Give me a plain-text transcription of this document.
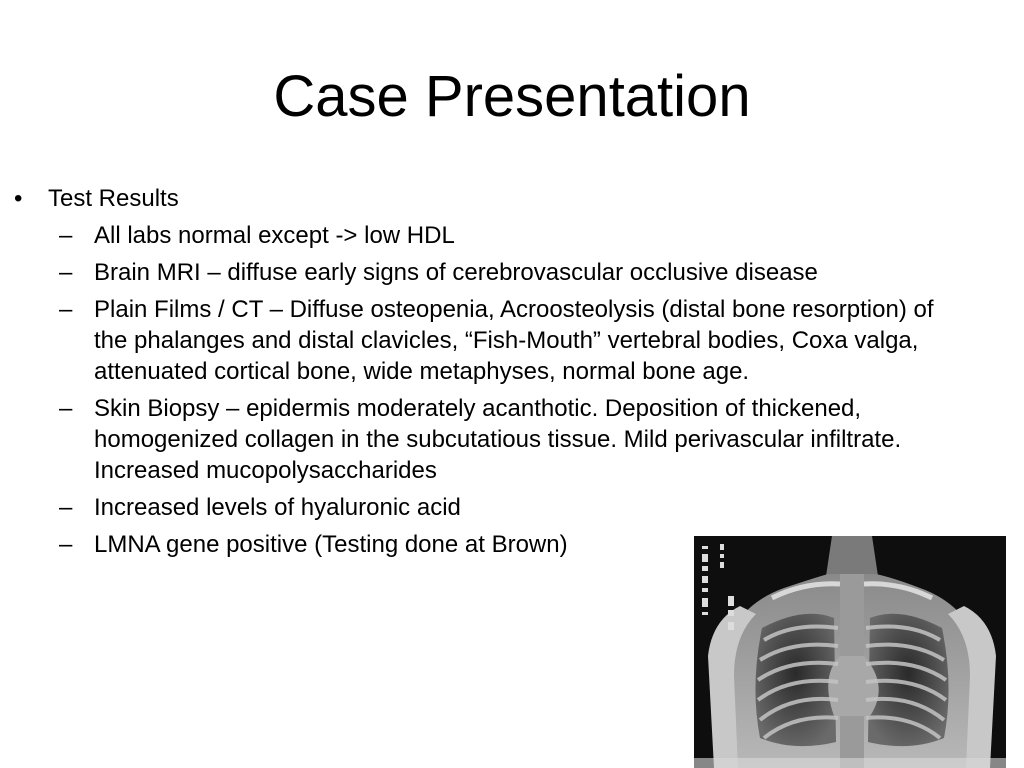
Case Presentation
• Test Results
– All labs normal except -> low HDL
– Brain MRI – diffuse early signs of cerebrovascular occlusive disease
– Plain Films / CT – Diffuse osteopenia, Acroosteolysis (distal bone resorption) of the phalanges and distal clavicles, “Fish-Mouth” vertebral bodies, Coxa valga, attenuated cortical bone, wide metaphyses, normal bone age.
– Skin Biopsy – epidermis moderately acanthotic. Deposition of thickened, homogenized collagen in the subcutatious tissue. Mild perivascular infiltrate. Increased mucopolysaccharides
– Increased levels of hyaluronic acid
– LMNA gene positive (Testing done at Brown)
